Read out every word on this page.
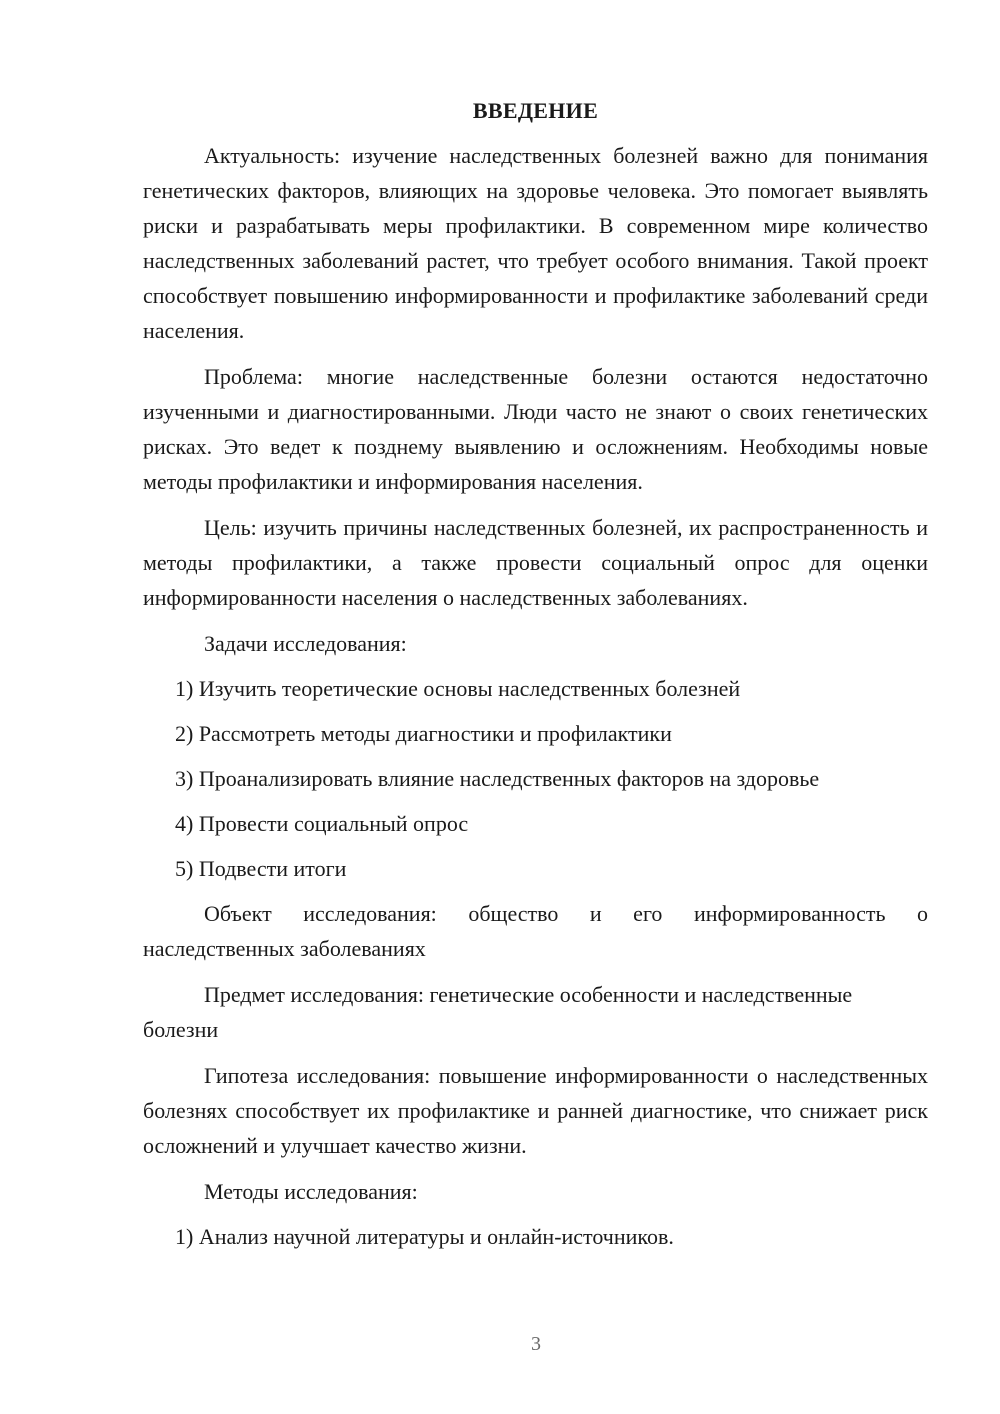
ВВЕДЕНИЕ

Актуальность: изучение наследственных болезней важно для понимания генетических факторов, влияющих на здоровье человека. Это помогает выявлять риски и разрабатывать меры профилактики. В современном мире количество наследственных заболеваний растет, что требует особого внимания. Такой проект способствует повышению информированности и профилактике заболеваний среди населения.

Проблема: многие наследственные болезни остаются недостаточно изученными и диагностированными. Люди часто не знают о своих генетических рисках. Это ведет к позднему выявлению и осложнениям. Необходимы новые методы профилактики и информирования населения.

Цель: изучить причины наследственных болезней, их распространенность и методы профилактики, а также провести социальный опрос для оценки информированности населения о наследственных заболеваниях.

Задачи исследования:
1) Изучить теоретические основы наследственных болезней
2) Рассмотреть методы диагностики и профилактики
3) Проанализировать влияние наследственных факторов на здоровье
4) Провести социальный опрос
5) Подвести итоги

Объект исследования: общество и его информированность о наследственных заболеваниях

Предмет исследования: генетические особенности и наследственные болезни

Гипотеза исследования: повышение информированности о наследственных болезнях способствует их профилактике и ранней диагностике, что снижает риск осложнений и улучшает качество жизни.

Методы исследования:
1) Анализ научной литературы и онлайн-источников.
3
